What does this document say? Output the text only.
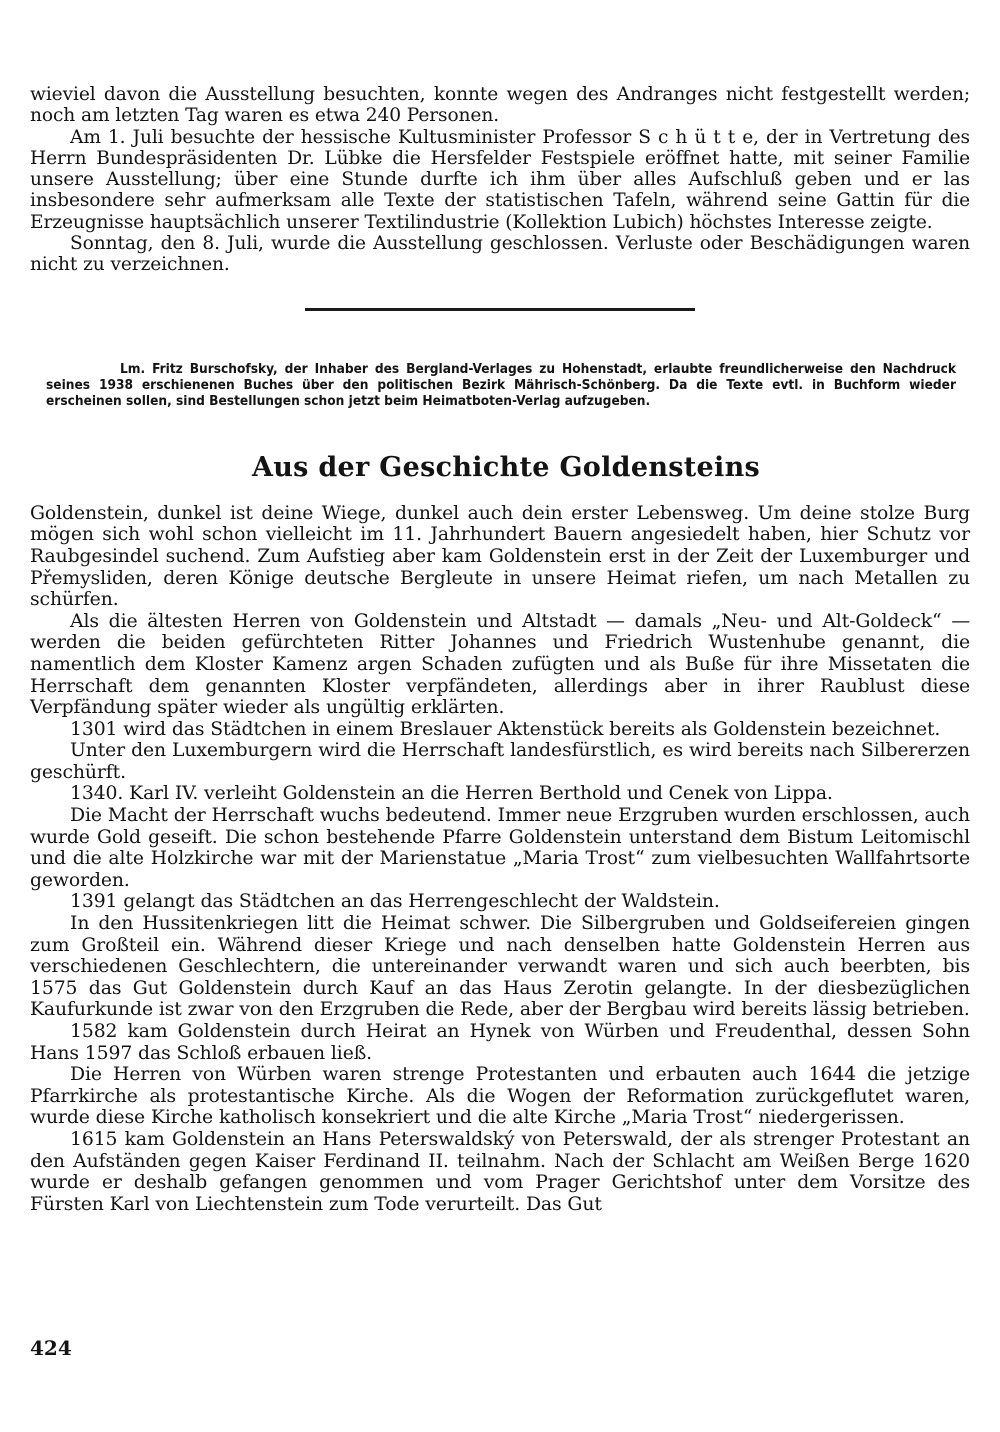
wieviel davon die Ausstellung besuchten, konnte wegen des Andranges nicht festgestellt werden; noch am letzten Tag waren es etwa 240 Personen.

Am 1. Juli besuchte der hessische Kultusminister Professor S c h ü t t e, der in Vertretung des Herrn Bundespräsidenten Dr. Lübke die Hersfelder Festspiele eröffnet hatte, mit seiner Familie unsere Ausstellung; über eine Stunde durfte ich ihm über alles Aufschluß geben und er las insbesondere sehr aufmerksam alle Texte der statistischen Tafeln, während seine Gattin für die Erzeugnisse hauptsächlich unserer Textilindustrie (Kollektion Lubich) höchstes Interesse zeigte.

Sonntag, den 8. Juli, wurde die Ausstellung geschlossen. Verluste oder Beschädigungen waren nicht zu verzeichnen.

Lm. Fritz Burschofsky, der Inhaber des Bergland-Verlages zu Hohenstadt, erlaubte freundlicherweise den Nachdruck seines 1938 erschienenen Buches über den politischen Bezirk Mährisch-Schönberg. Da die Texte evtl. in Buchform wieder erscheinen sollen, sind Bestellungen schon jetzt beim Heimatboten-Verlag aufzugeben.

Aus der Geschichte Goldensteins

Goldenstein, dunkel ist deine Wiege, dunkel auch dein erster Lebensweg. Um deine stolze Burg mögen sich wohl schon vielleicht im 11. Jahrhundert Bauern angesiedelt haben, hier Schutz vor Raubgesindel suchend. Zum Aufstieg aber kam Goldenstein erst in der Zeit der Luxemburger und Přemysliden, deren Könige deutsche Bergleute in unsere Heimat riefen, um nach Metallen zu schürfen.

Als die ältesten Herren von Goldenstein und Altstadt — damals „Neu- und Alt-Goldeck“ — werden die beiden gefürchteten Ritter Johannes und Friedrich Wustenhube genannt, die namentlich dem Kloster Kamenz argen Schaden zufügten und als Buße für ihre Missetaten die Herrschaft dem genannten Kloster verpfändeten, allerdings aber in ihrer Raublust diese Verpfändung später wieder als ungültig erklärten.

1301 wird das Städtchen in einem Breslauer Aktenstück bereits als Goldenstein bezeichnet.

Unter den Luxemburgern wird die Herrschaft landesfürstlich, es wird bereits nach Silbererzen geschürft.

1340. Karl IV. verleiht Goldenstein an die Herren Berthold und Cenek von Lippa.

Die Macht der Herrschaft wuchs bedeutend. Immer neue Erzgruben wurden erschlossen, auch wurde Gold geseift. Die schon bestehende Pfarre Goldenstein unterstand dem Bistum Leitomischl und die alte Holzkirche war mit der Marienstatue „Maria Trost“ zum vielbesuchten Wallfahrtsorte geworden.

1391 gelangt das Städtchen an das Herrengeschlecht der Waldstein.

In den Hussitenkriegen litt die Heimat schwer. Die Silbergruben und Goldseifereien gingen zum Großteil ein. Während dieser Kriege und nach denselben hatte Goldenstein Herren aus verschiedenen Geschlechtern, die untereinander verwandt waren und sich auch beerbten, bis 1575 das Gut Goldenstein durch Kauf an das Haus Zerotin gelangte. In der diesbezüglichen Kaufurkunde ist zwar von den Erzgruben die Rede, aber der Bergbau wird bereits lässig betrieben.

1582 kam Goldenstein durch Heirat an Hynek von Würben und Freudenthal, dessen Sohn Hans 1597 das Schloß erbauen ließ.

Die Herren von Würben waren strenge Protestanten und erbauten auch 1644 die jetzige Pfarrkirche als protestantische Kirche. Als die Wogen der Reformation zurückgeflutet waren, wurde diese Kirche katholisch konsekriert und die alte Kirche „Maria Trost“ niedergerissen.

1615 kam Goldenstein an Hans Peterswaldský von Peterswald, der als strenger Protestant an den Aufständen gegen Kaiser Ferdinand II. teilnahm. Nach der Schlacht am Weißen Berge 1620 wurde er deshalb gefangen genommen und vom Prager Gerichtshof unter dem Vorsitze des Fürsten Karl von Liechtenstein zum Tode verurteilt. Das Gut

424
